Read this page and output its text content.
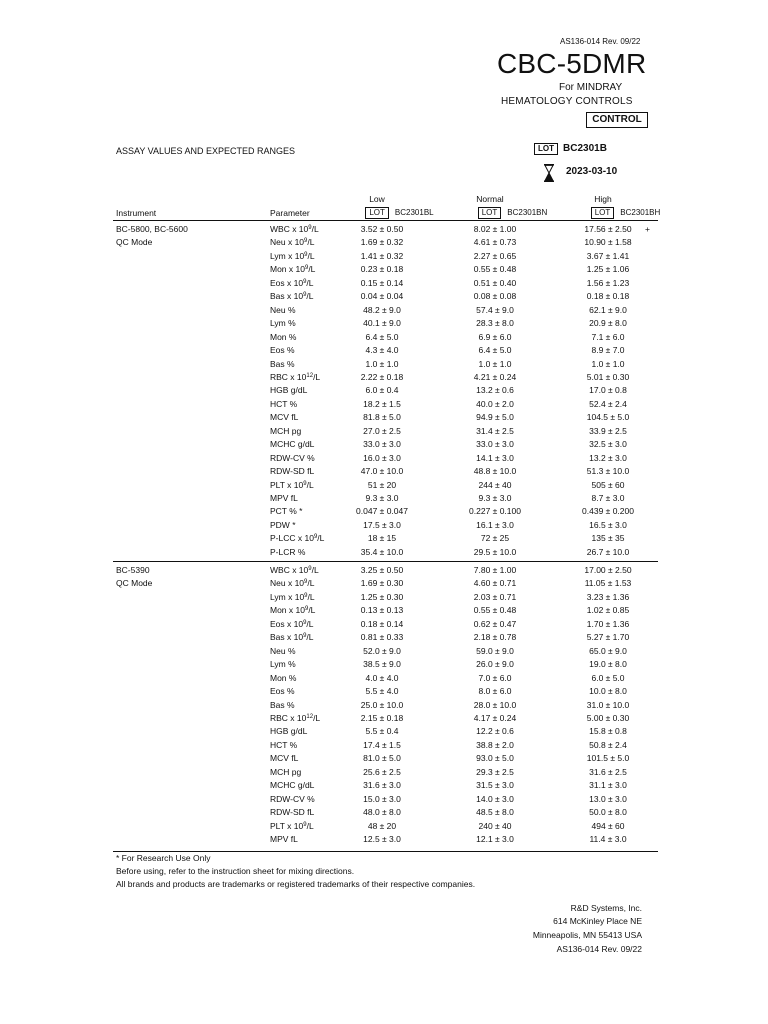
AS136-014 Rev. 09/22
CBC-5DMR
For MINDRAY
HEMATOLOGY CONTROLS
CONTROL
ASSAY VALUES AND EXPECTED RANGES	LOT BC2301B
2023-03-10
Low	Normal	High
Instrument	Parameter	LOT BC2301BL	LOT BC2301BN	LOT BC2301BH
BC-5800, BC-5600	WBC x $10^9/L$	3.52 ± 0.50	8.02 ± 1.00	17.56 ± 2.50	+
QC Mode	Neu x $10^9/L$	1.69 ± 0.32	4.61 ± 0.73	10.90 ± 1.58
Lym x $10^9/L$	1.41 ± 0.32	2.27 ± 0.65	3.67 ± 1.41
Mon x $10^9/L$	0.23 ± 0.18	0.55 ± 0.48	1.25 ± 1.06
Eos x $10^9/L$	0.15 ± 0.14	0.51 ± 0.40	1.56 ± 1.23
Bas x $10^9/L$	0.04 ± 0.04	0.08 ± 0.08	0.18 ± 0.18
Neu %	48.2 ± 9.0	57.4 ± 9.0	62.1 ± 9.0
Lym %	40.1 ± 9.0	28.3 ± 8.0	20.9 ± 8.0
Mon %	6.4 ± 5.0	6.9 ± 6.0	7.1 ± 6.0
Eos %	4.3 ± 4.0	6.4 ± 5.0	8.9 ± 7.0
Bas %	1.0 ± 1.0	1.0 ± 1.0	1.0 ± 1.0
RBC x $10^{12}/L$	2.22 ± 0.18	4.21 ± 0.24	5.01 ± 0.30
HGB g/dL	6.0 ± 0.4	13.2 ± 0.6	17.0 ± 0.8
HCT %	18.2 ± 1.5	40.0 ± 2.0	52.4 ± 2.4
MCV fL	81.8 ± 5.0	94.9 ± 5.0	104.5 ± 5.0
MCH pg	27.0 ± 2.5	31.4 ± 2.5	33.9 ± 2.5
MCHC g/dL	33.0 ± 3.0	33.0 ± 3.0	32.5 ± 3.0
RDW-CV %	16.0 ± 3.0	14.1 ± 3.0	13.2 ± 3.0
RDW-SD fL	47.0 ± 10.0	48.8 ± 10.0	51.3 ± 10.0
PLT x $10^9/L$	51 ± 20	244 ± 40	505 ± 60
MPV fL	9.3 ± 3.0	9.3 ± 3.0	8.7 ± 3.0
PCT % *	0.047 ± 0.047	0.227 ± 0.100	0.439 ± 0.200
PDW *	17.5 ± 3.0	16.1 ± 3.0	16.5 ± 3.0
P-LCC x $10^9/L$	18 ± 15	72 ± 25	135 ± 35
P-LCR %	35.4 ± 10.0	29.5 ± 10.0	26.7 ± 10.0
BC-5390	WBC x $10^9/L$	3.25 ± 0.50	7.80 ± 1.00	17.00 ± 2.50
QC Mode	Neu x $10^9/L$	1.69 ± 0.30	4.60 ± 0.71	11.05 ± 1.53
Lym x $10^9/L$	1.25 ± 0.30	2.03 ± 0.71	3.23 ± 1.36
Mon x $10^9/L$	0.13 ± 0.13	0.55 ± 0.48	1.02 ± 0.85
Eos x $10^9/L$	0.18 ± 0.14	0.62 ± 0.47	1.70 ± 1.36
Bas x $10^9/L$	0.81 ± 0.33	2.18 ± 0.78	5.27 ± 1.70
Neu %	52.0 ± 9.0	59.0 ± 9.0	65.0 ± 9.0
Lym %	38.5 ± 9.0	26.0 ± 9.0	19.0 ± 8.0
Mon %	4.0 ± 4.0	7.0 ± 6.0	6.0 ± 5.0
Eos %	5.5 ± 4.0	8.0 ± 6.0	10.0 ± 8.0
Bas %	25.0 ± 10.0	28.0 ± 10.0	31.0 ± 10.0
RBC x $10^{12}/L$	2.15 ± 0.18	4.17 ± 0.24	5.00 ± 0.30
HGB g/dL	5.5 ± 0.4	12.2 ± 0.6	15.8 ± 0.8
HCT %	17.4 ± 1.5	38.8 ± 2.0	50.8 ± 2.4
MCV fL	81.0 ± 5.0	93.0 ± 5.0	101.5 ± 5.0
MCH pg	25.6 ± 2.5	29.3 ± 2.5	31.6 ± 2.5
MCHC g/dL	31.6 ± 3.0	31.5 ± 3.0	31.1 ± 3.0
RDW-CV %	15.0 ± 3.0	14.0 ± 3.0	13.0 ± 3.0
RDW-SD fL	48.0 ± 8.0	48.5 ± 8.0	50.0 ± 8.0
PLT x $10^9/L$	48 ± 20	240 ± 40	494 ± 60
MPV fL	12.5 ± 3.0	12.1 ± 3.0	11.4 ± 3.0
* For Research Use Only
Before using, refer to the instruction sheet for mixing directions.
All brands and products are trademarks or registered trademarks of their respective companies.
R&D Systems, Inc.
614 McKinley Place NE
Minneapolis, MN 55413 USA
AS136-014 Rev. 09/22
